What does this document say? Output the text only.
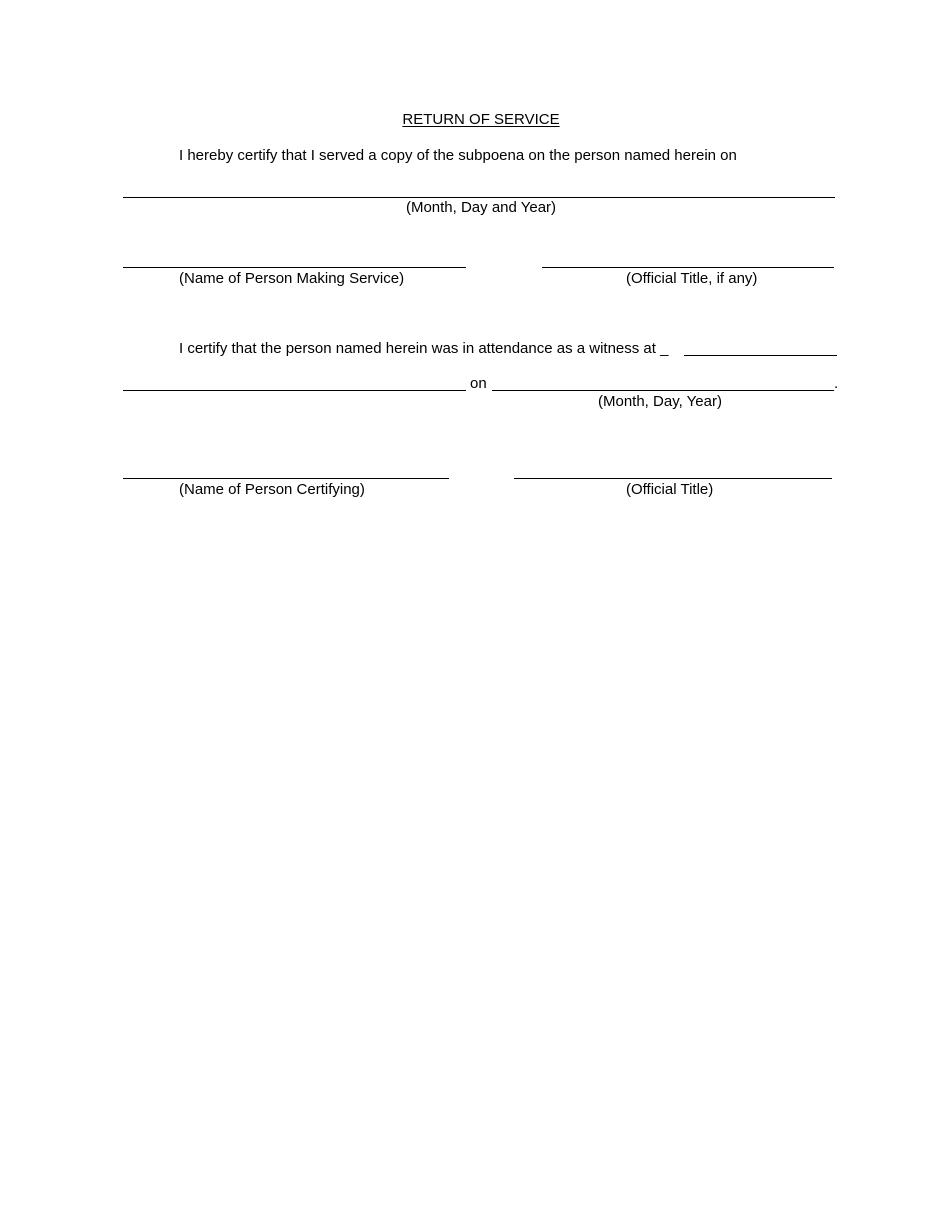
RETURN OF SERVICE
I hereby certify that I served a copy of the subpoena on the person named herein on
(Month, Day and Year)
(Name of Person Making Service)	(Official Title, if any)
I certify that the person named herein was in attendance as a witness at _
on	.
(Month, Day, Year)
(Name of Person Certifying)	(Official Title)
